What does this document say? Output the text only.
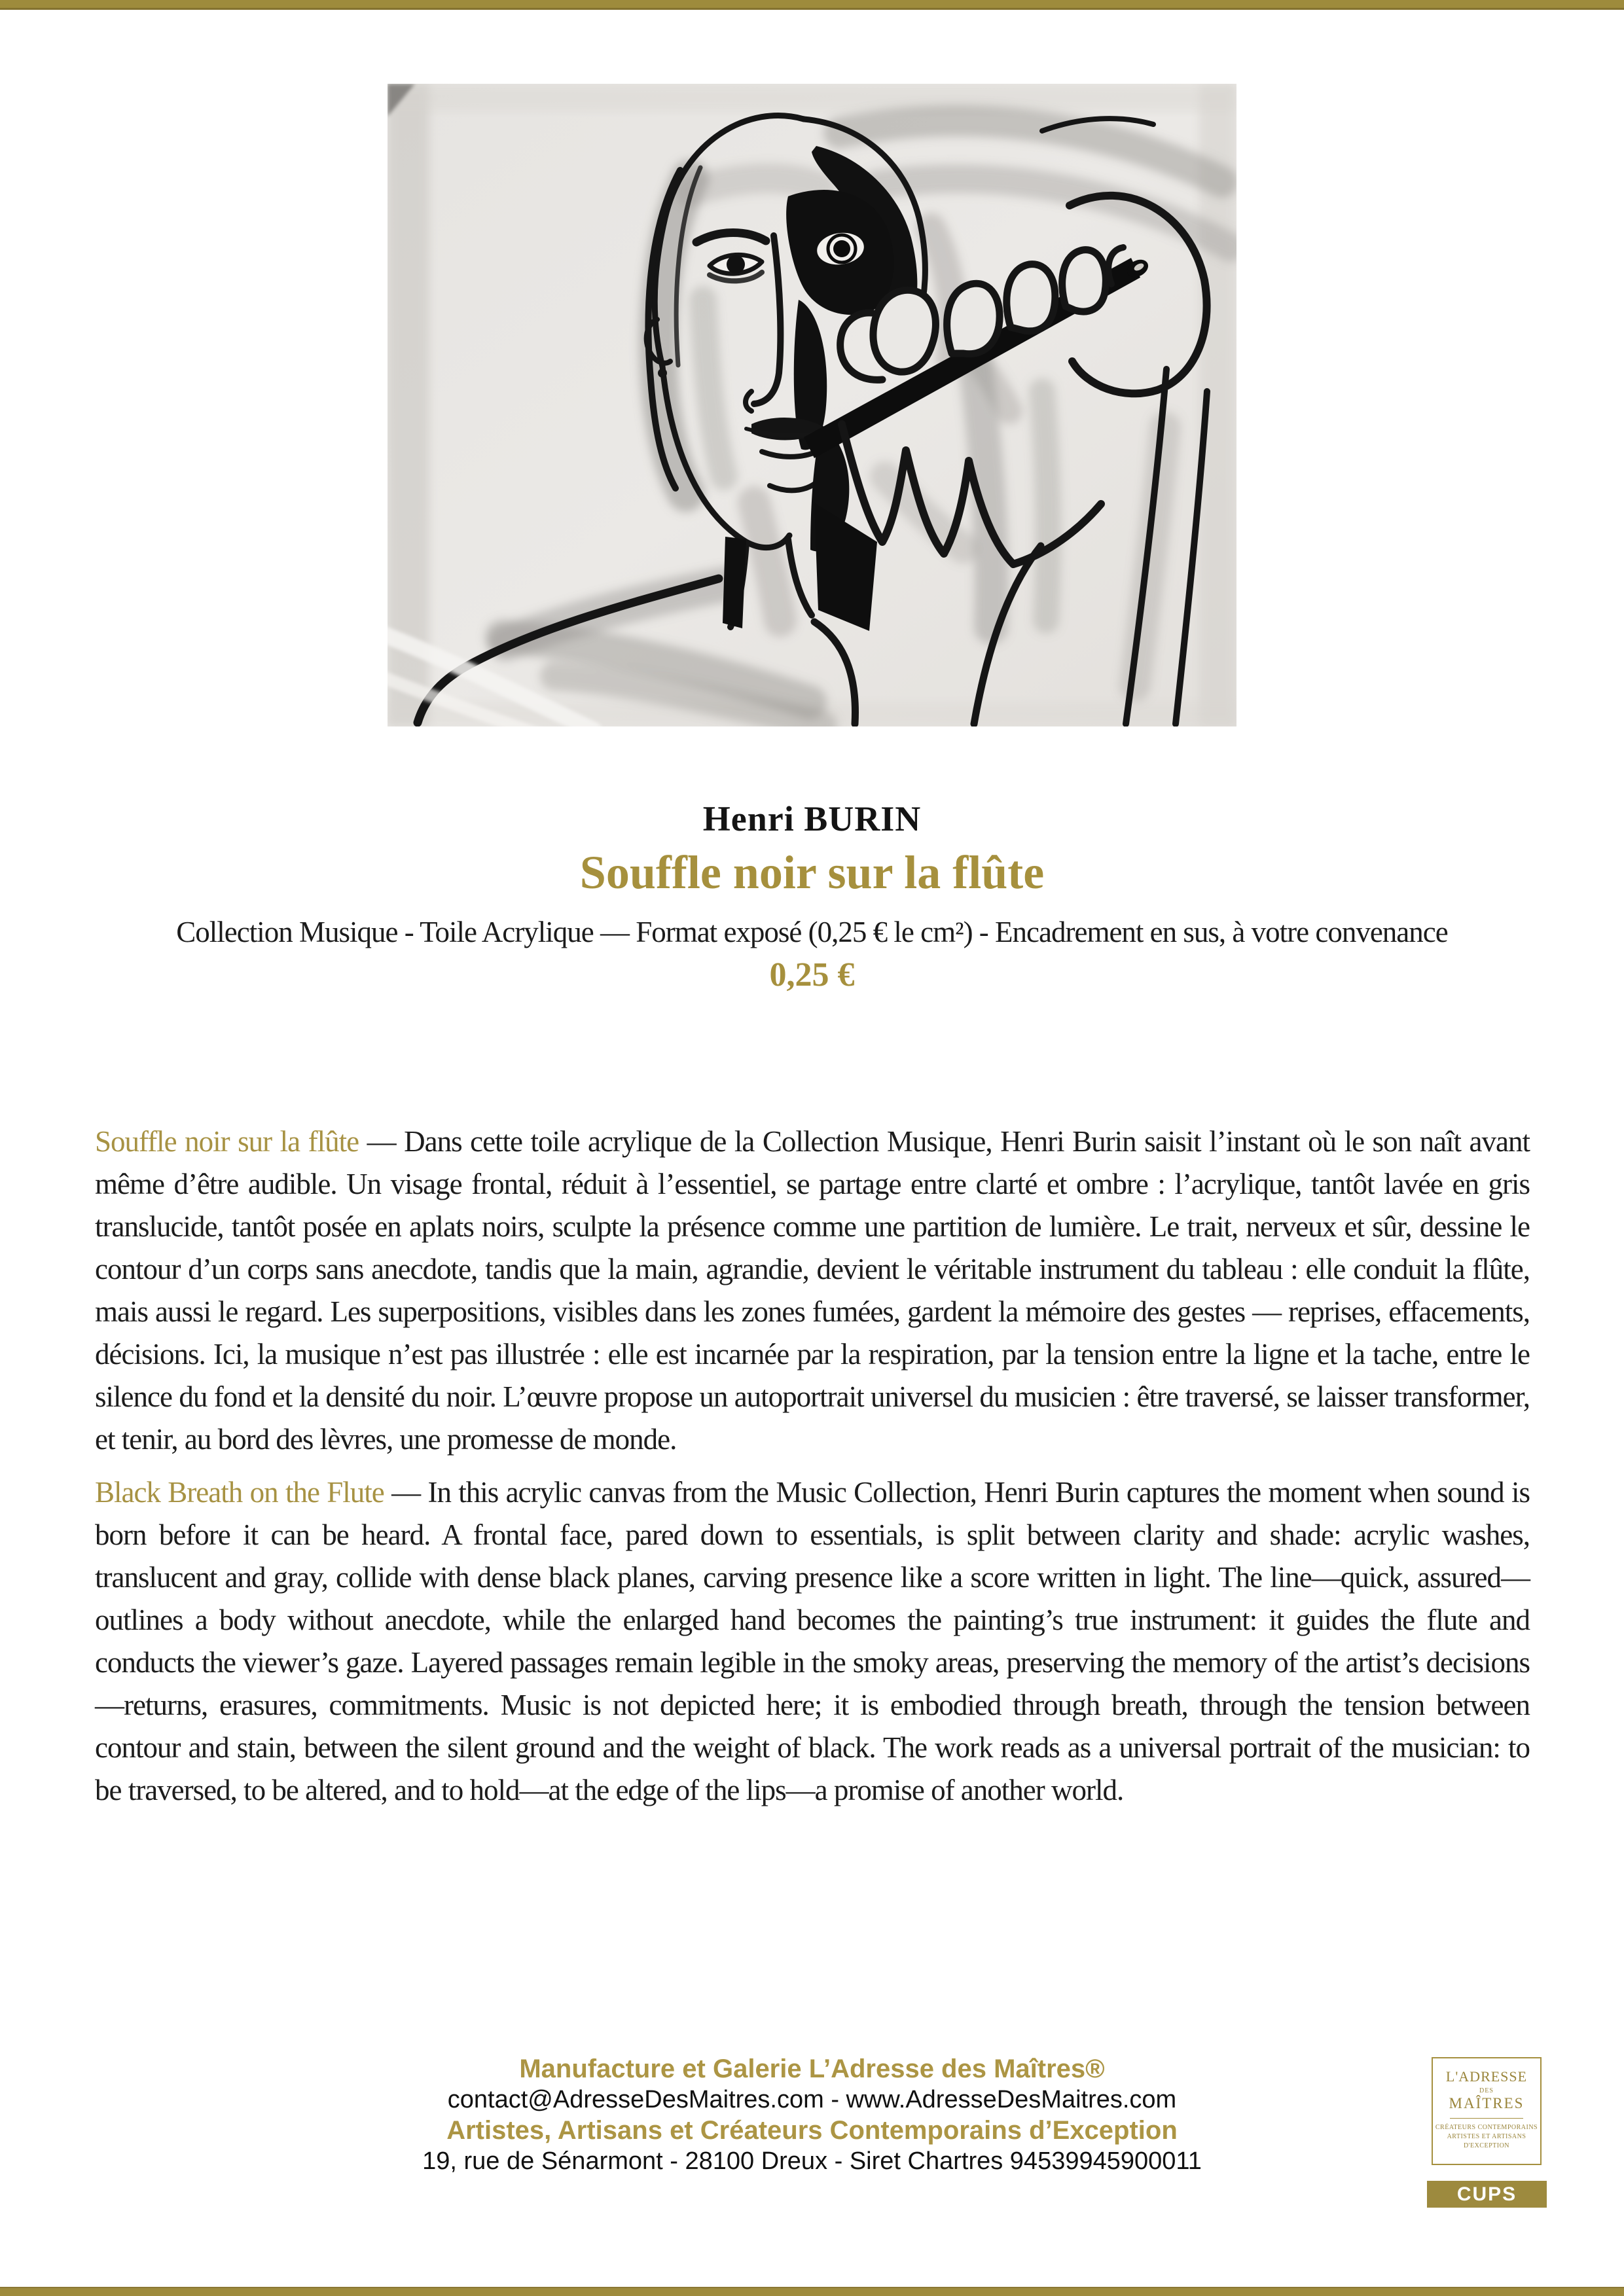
Henri BURIN
Souffle noir sur la flûte
Collection Musique - Toile Acrylique — Format exposé (0,25 € le cm²) - Encadrement en sus, à votre convenance
0,25 €

Souffle noir sur la flûte — Dans cette toile acrylique de la Collection Musique, Henri Burin saisit l’instant où le son naît avant même d’être audible. Un visage frontal, réduit à l’essentiel, se partage entre clarté et ombre : l’acrylique, tantôt lavée en gris translucide, tantôt posée en aplats noirs, sculpte la présence comme une partition de lumière. Le trait, nerveux et sûr, dessine le contour d’un corps sans anecdote, tandis que la main, agrandie, devient le véritable instrument du tableau : elle conduit la flûte, mais aussi le regard. Les superpositions, visibles dans les zones fumées, gardent la mémoire des gestes — reprises, effacements, décisions. Ici, la musique n’est pas illustrée : elle est incarnée par la respiration, par la tension entre la ligne et la tache, entre le silence du fond et la densité du noir. L’œuvre propose un autoportrait universel du musicien : être traversé, se laisser transformer, et tenir, au bord des lèvres, une promesse de monde.

Black Breath on the Flute — In this acrylic canvas from the Music Collection, Henri Burin captures the moment when sound is born before it can be heard. A frontal face, pared down to essentials, is split between clarity and shade: acrylic washes, translucent and gray, collide with dense black planes, carving presence like a score written in light. The line—quick, assured—outlines a body without anecdote, while the enlarged hand becomes the painting’s true instrument: it guides the flute and conducts the viewer’s gaze. Layered passages remain legible in the smoky areas, preserving the memory of the artist’s decisions—returns, erasures, commitments. Music is not depicted here; it is embodied through breath, through the tension between contour and stain, between the silent ground and the weight of black. The work reads as a universal portrait of the musician: to be traversed, to be altered, and to hold—at the edge of the lips—a promise of another world.

Manufacture et Galerie L’Adresse des Maîtres®
contact@AdresseDesMaitres.com - www.AdresseDesMaitres.com
Artistes, Artisans et Créateurs Contemporains d’Exception
19, rue de Sénarmont - 28100 Dreux - Siret Chartres 94539945900011
L'ADRESSE
DES
MAÎTRES
CRÉATEURS CONTEMPORAINS
ARTISTES ET ARTISANS
D'EXCEPTION
CUPS
